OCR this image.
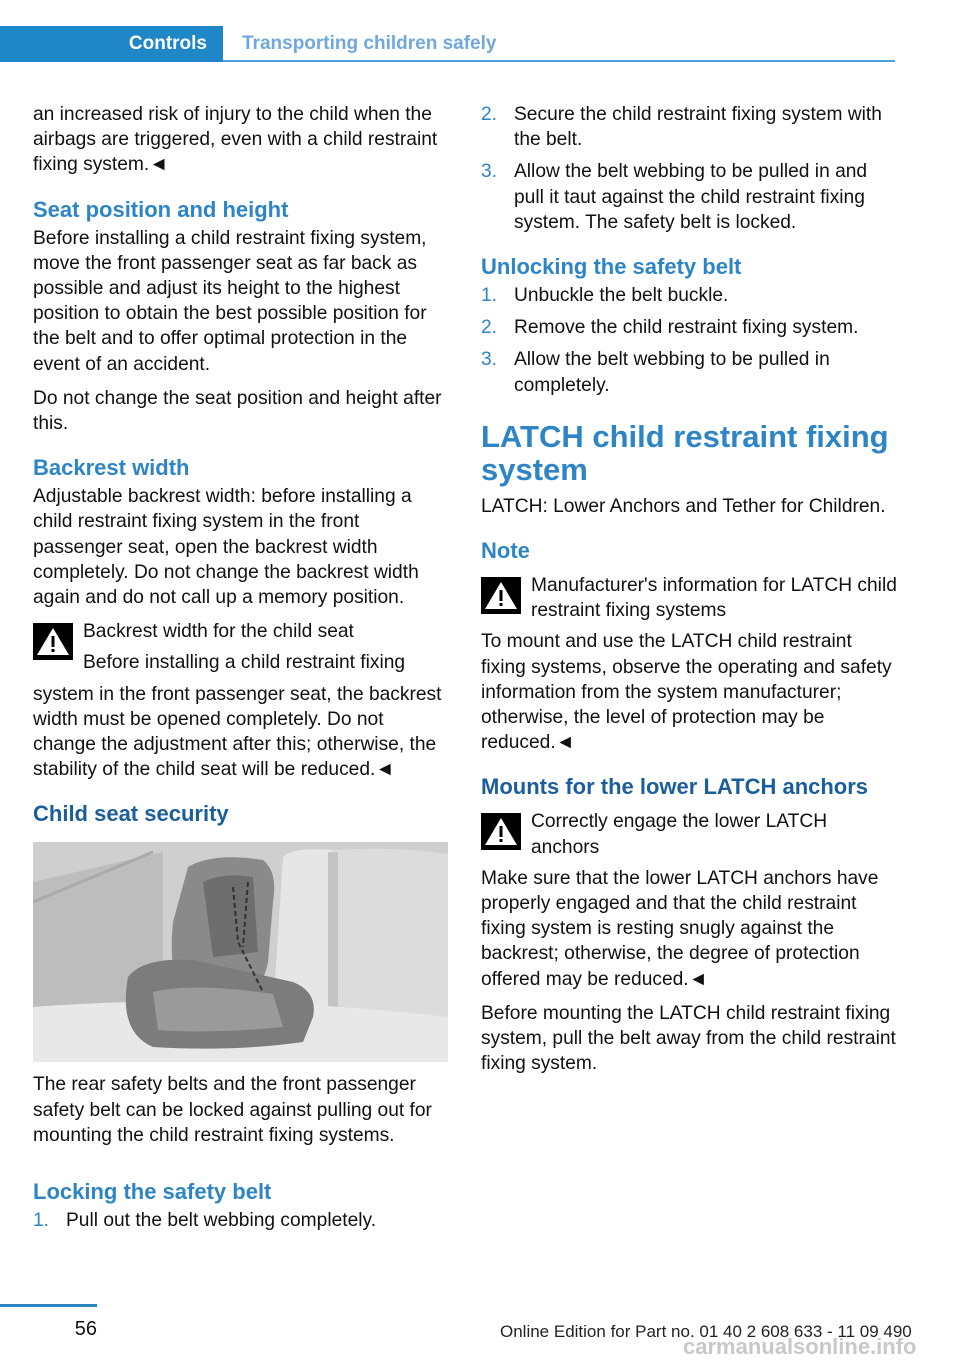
Controls	Transporting children safely

an increased risk of injury to the child when the airbags are triggered, even with a child restraint fixing system.◄

Seat position and height

Before installing a child restraint fixing system, move the front passenger seat as far back as possible and adjust its height to the highest position to obtain the best possible position for the belt and to offer optimal protection in the event of an accident.

Do not change the seat position and height after this.

Backrest width

Adjustable backrest width: before installing a child restraint fixing system in the front passenger seat, open the backrest width completely. Do not change the backrest width again and do not call up a memory position.

Backrest width for the child seat
Before installing a child restraint fixing
system in the front passenger seat, the backrest width must be opened completely. Do not change the adjustment after this; otherwise, the stability of the child seat will be reduced.◄
Child seat security

The rear safety belts and the front passenger safety belt can be locked against pulling out for mounting the child restraint fixing systems.

Locking the safety belt
1. Pull out the belt webbing completely.
2. Secure the child restraint fixing system with the belt.
3. Allow the belt webbing to be pulled in and pull it taut against the child restraint fixing system. The safety belt is locked.
Unlocking the safety belt
1. Unbuckle the belt buckle.
2. Remove the child restraint fixing system.
3. Allow the belt webbing to be pulled in completely.
LATCH child restraint fixing system

LATCH: Lower Anchors and Tether for Children.

Note
Manufacturer's information for LATCH child restraint fixing systems
To mount and use the LATCH child restraint fixing systems, observe the operating and safety information from the system manufacturer; otherwise, the level of protection may be reduced.◄
Mounts for the lower LATCH anchors
Correctly engage the lower LATCH anchors
Make sure that the lower LATCH anchors have properly engaged and that the child restraint fixing system is resting snugly against the backrest; otherwise, the degree of protection offered may be reduced.◄

Before mounting the LATCH child restraint fixing system, pull the belt away from the child restraint fixing system.

56	Online Edition for Part no. 01 40 2 608 633 - 11 09 490
carmanualsonline.info
